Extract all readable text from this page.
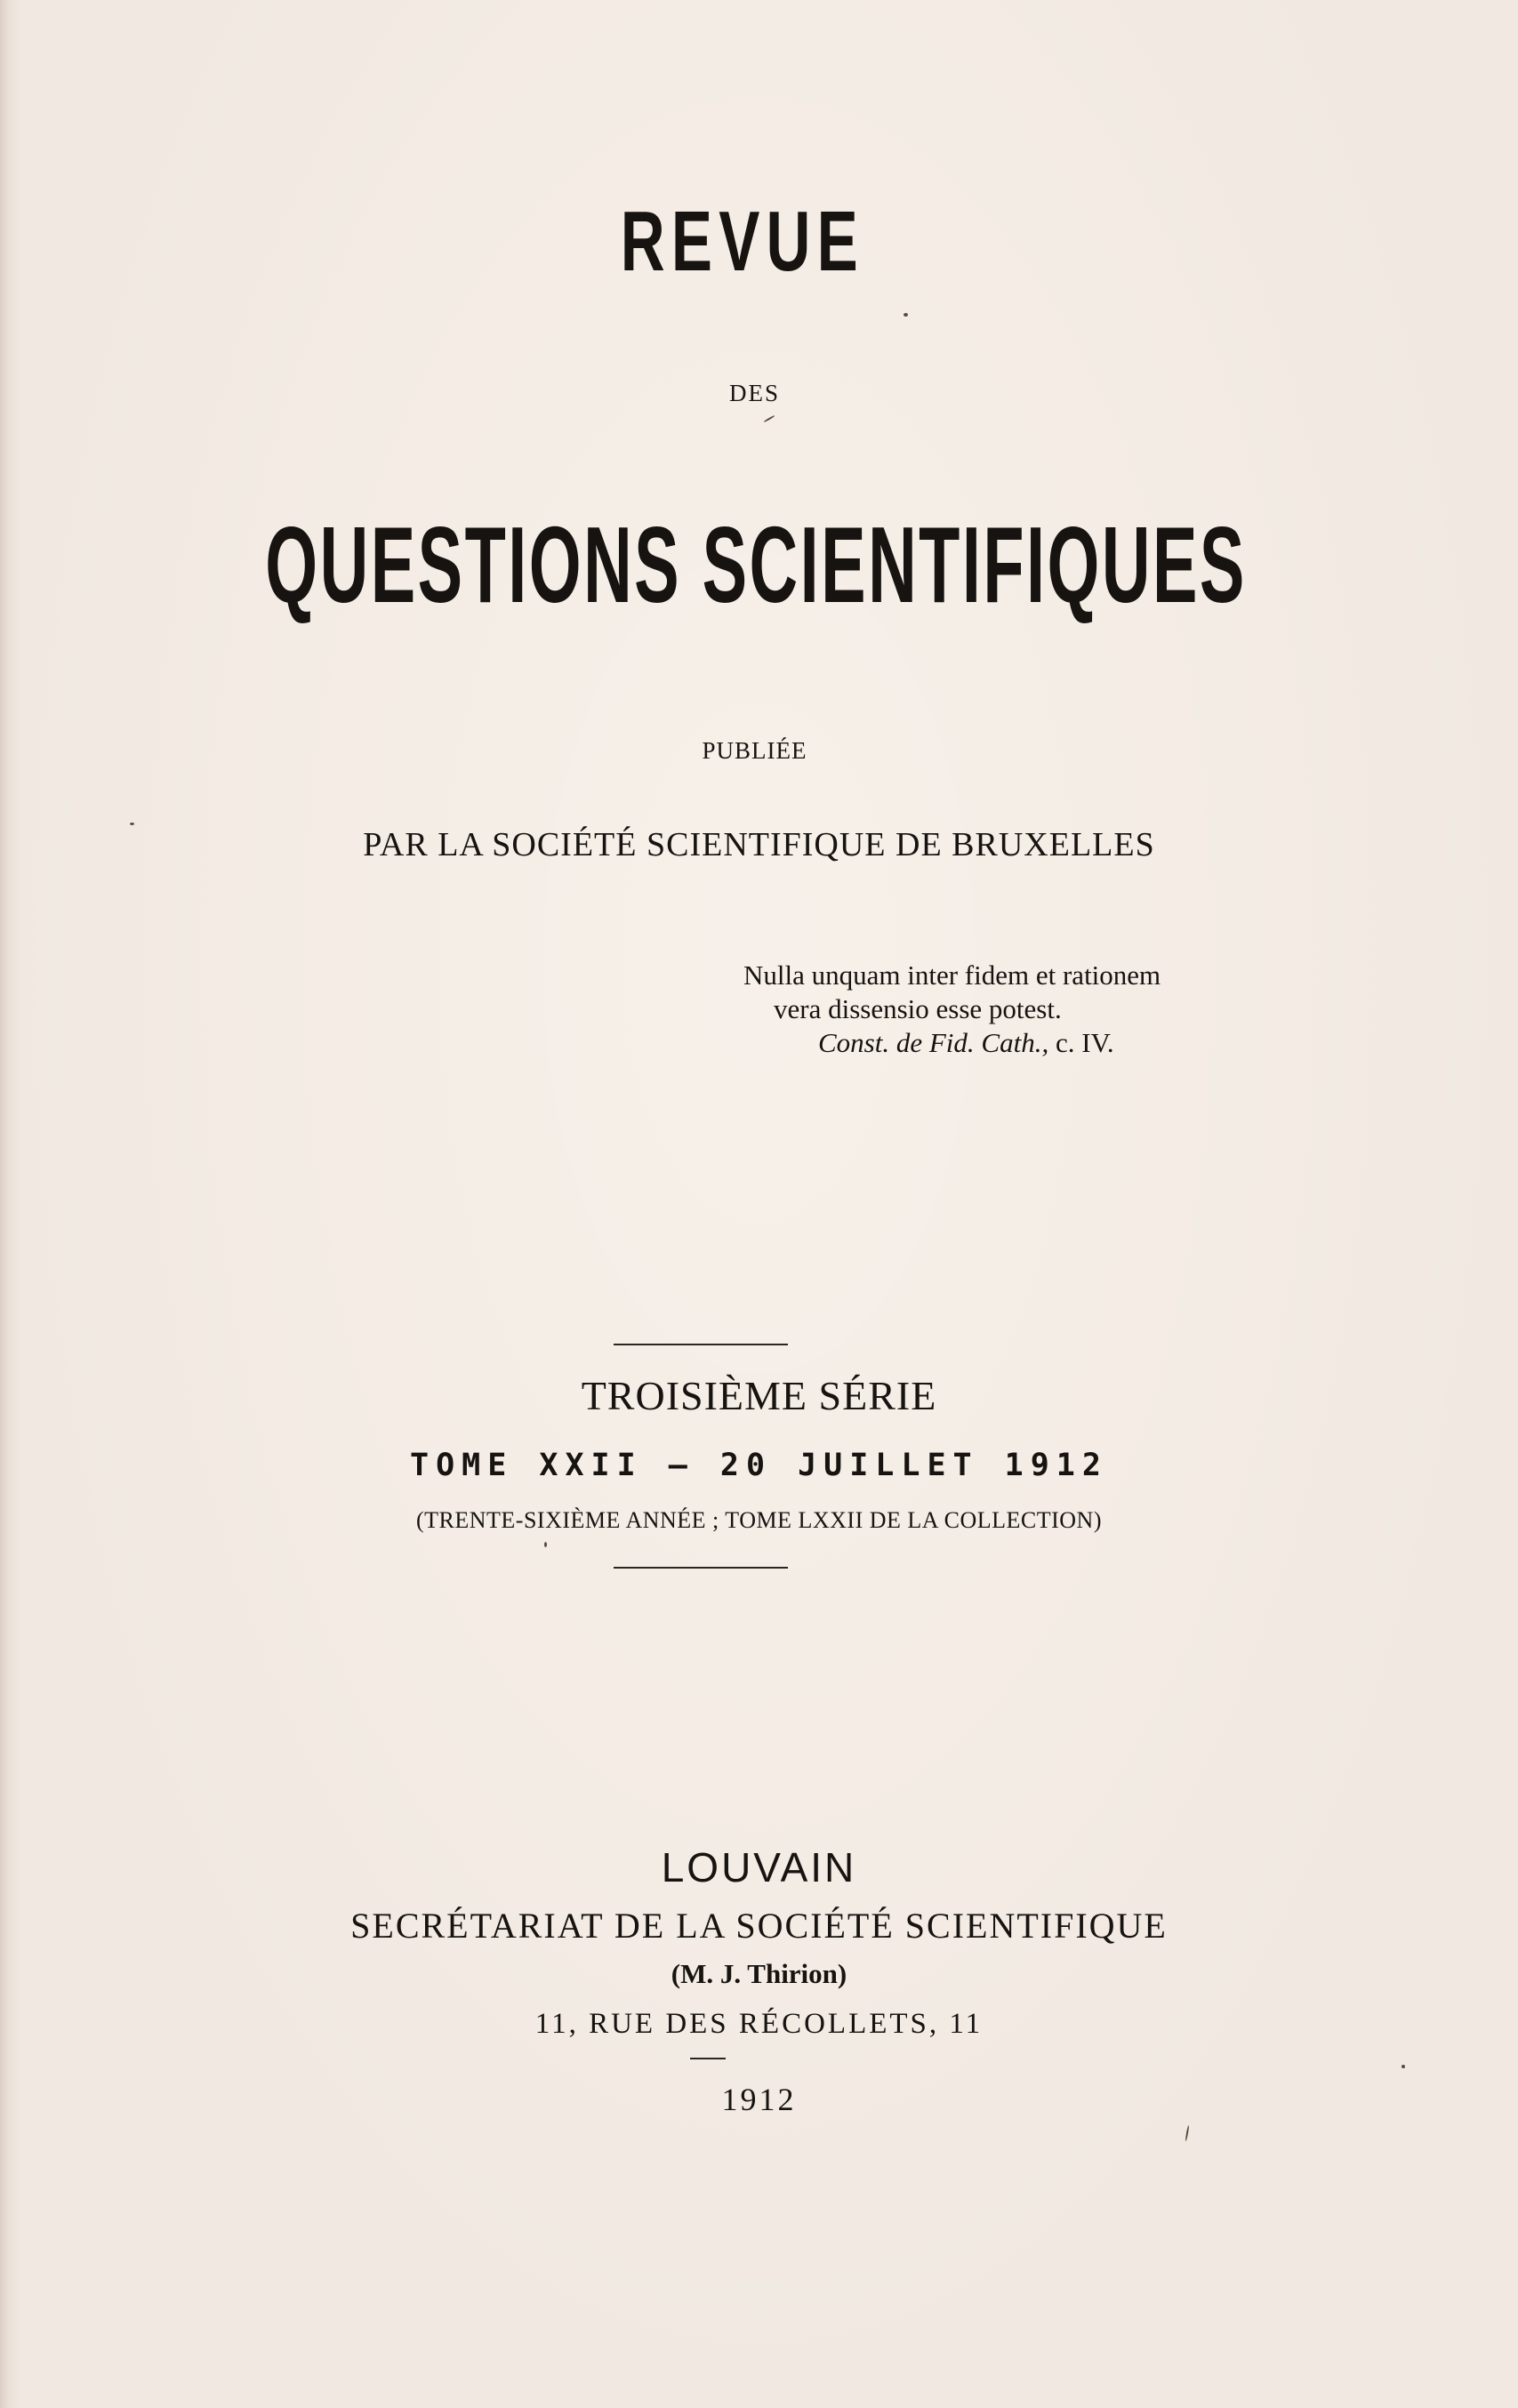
REVUE
DES
QUESTIONS SCIENTIFIQUES
PUBLIÉE
PAR LA SOCIÉTÉ SCIENTIFIQUE DE BRUXELLES
Nulla unquam inter fidem et rationem
vera dissensio esse potest.
Const. de Fid. Cath., c. IV.
TROISIÈME SÉRIE
TOME XXII — 20 JUILLET 1912
(TRENTE-SIXIÈME ANNÉE ; TOME LXXII DE LA COLLECTION)
LOUVAIN
SECRÉTARIAT DE LA SOCIÉTÉ SCIENTIFIQUE
(M. J. Thirion)
11, RUE DES RÉCOLLETS, 11
1912
